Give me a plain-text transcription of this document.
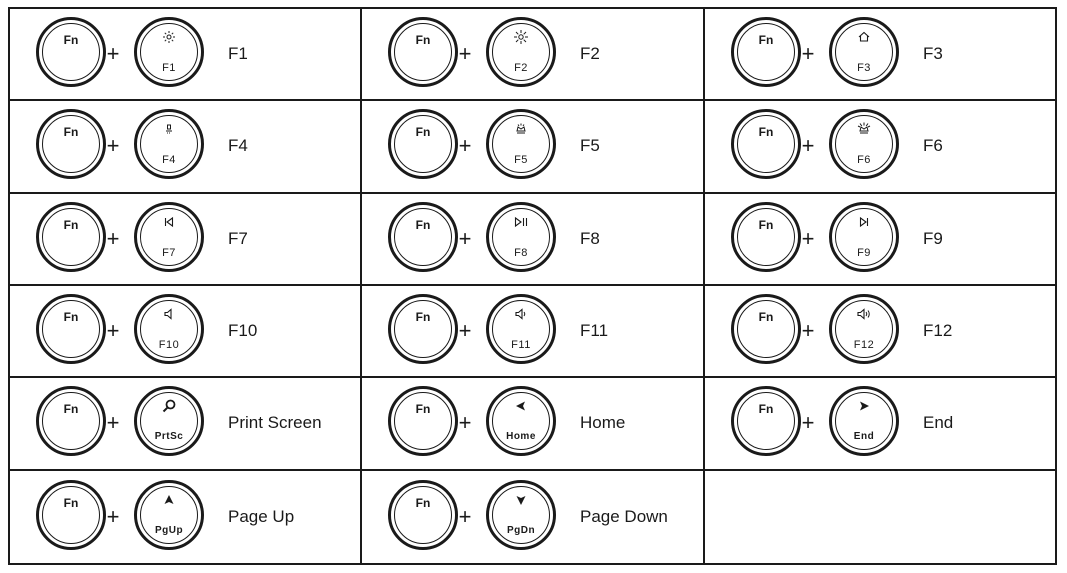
Fn
+
F1
F1
Fn
+
F2
F2
Fn
+
F3
F3
Fn
+
F4
F4
Fn
+
F5
F5
Fn
+
F6
F6
Fn
+
F7
F7
Fn
+
F8
F8
Fn
+
F9
F9
Fn
+
F10
F10
Fn
+
F11
F11
Fn
+
F12
F12
Fn
+
PrtSc
Print Screen
Fn
+
Home
Home
Fn
+
End
End
Fn
+
PgUp
Page Up
Fn
+
PgDn
Page Down
